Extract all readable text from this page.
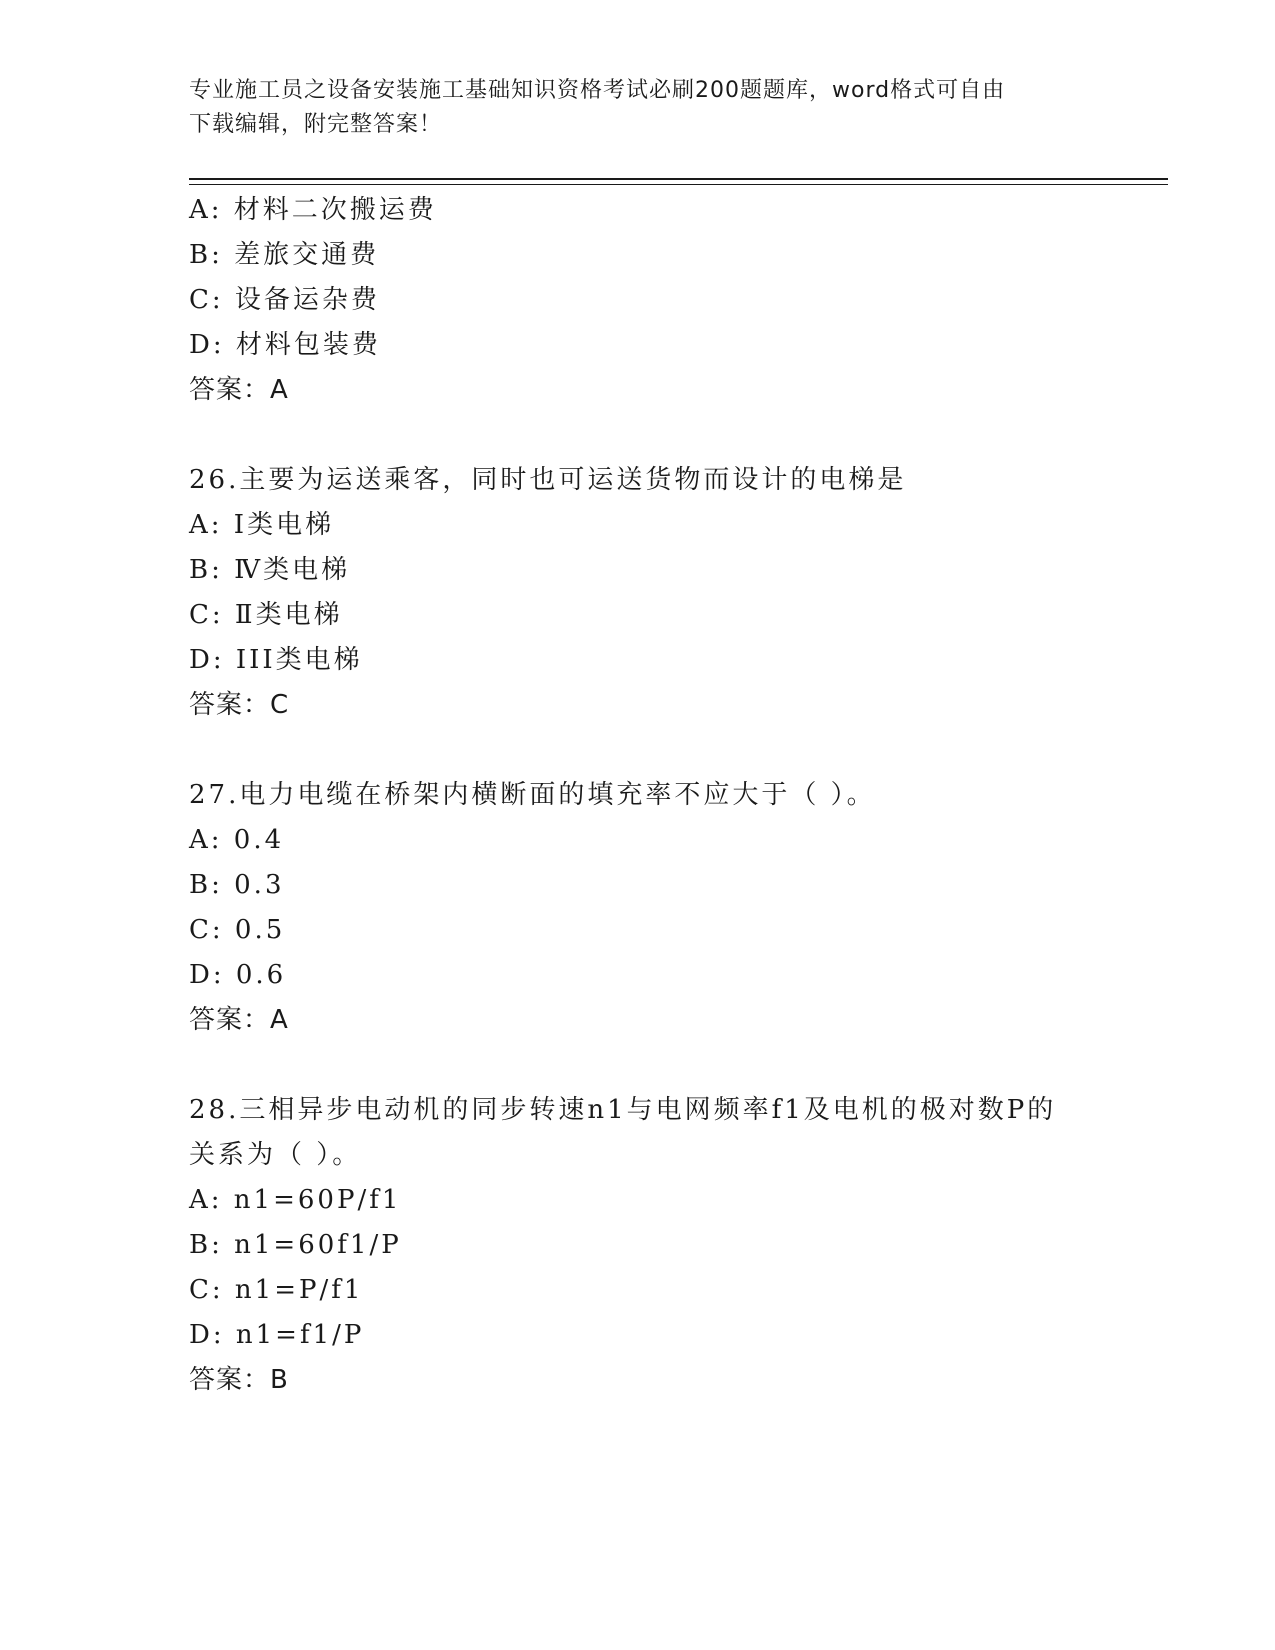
专业施工员之设备安装施工基础知识资格考试必刷200题题库，word格式可自由
下载编辑，附完整答案！
A: 材料二次搬运费
B: 差旅交通费
C: 设备运杂费
D: 材料包装费
答案：A
26.主要为运送乘客，同时也可运送货物而设计的电梯是
A: I类电梯
B: Ⅳ类电梯
C: Ⅱ类电梯
D: III类电梯
答案：C
27.电力电缆在桥架内横断面的填充率不应大于（ ）。
A: 0.4
B: 0.3
C: 0.5
D: 0.6
答案：A
28.三相异步电动机的同步转速n1与电网频率f1及电机的极对数P的
关系为（ ）。
A: n1=60P/f1
B: n1=60f1/P
C: n1=P/f1
D: n1=f1/P
答案：B
